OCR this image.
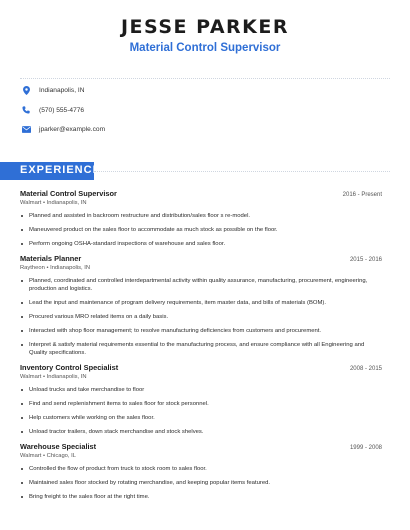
JESSE PARKER
Material Control Supervisor
Indianapolis, IN
(570) 555-4776
jparker@example.com
EXPERIENCE
Material Control Supervisor	2016 - Present
Walmart • Indianapolis, IN
Planned and assisted in backroom restructure and distribution/sales floor s re-model.
Maneuvered product on the sales floor to accommodate as much stock as possible on the floor.
Perform ongoing OSHA-standard inspections of warehouse and sales floor.
Materials Planner	2015 - 2016
Raytheon • Indianapolis, IN
Planned, coordinated and controlled interdepartmental activity within quality assurance, manufacturing, procurement, engineering, production and logistics.
Lead the input and maintenance of program delivery requirements, item master data, and bills of materials (BOM).
Procured various MRO related items on a daily basis.
Interacted with shop floor management; to resolve manufacturing deficiencies from customers and procurement.
Interpret & satisfy material requirements essential to the manufacturing process, and ensure compliance with all Engineering and Quality specifications.
Inventory Control Specialist	2008 - 2015
Walmart • Indianapolis, IN
Unload trucks and take merchandise to floor
Find and send replenishment items to sales floor for stock personnel.
Help customers while working on the sales floor.
Unload tractor trailers, down stack merchandise and stock shelves.
Warehouse Specialist	1999 - 2008
Walmart • Chicago, IL
Controlled the flow of product from truck to stock room to sales floor.
Maintained sales floor stocked by rotating merchandise, and keeping popular items featured.
Bring freight to the sales floor at the right time.
